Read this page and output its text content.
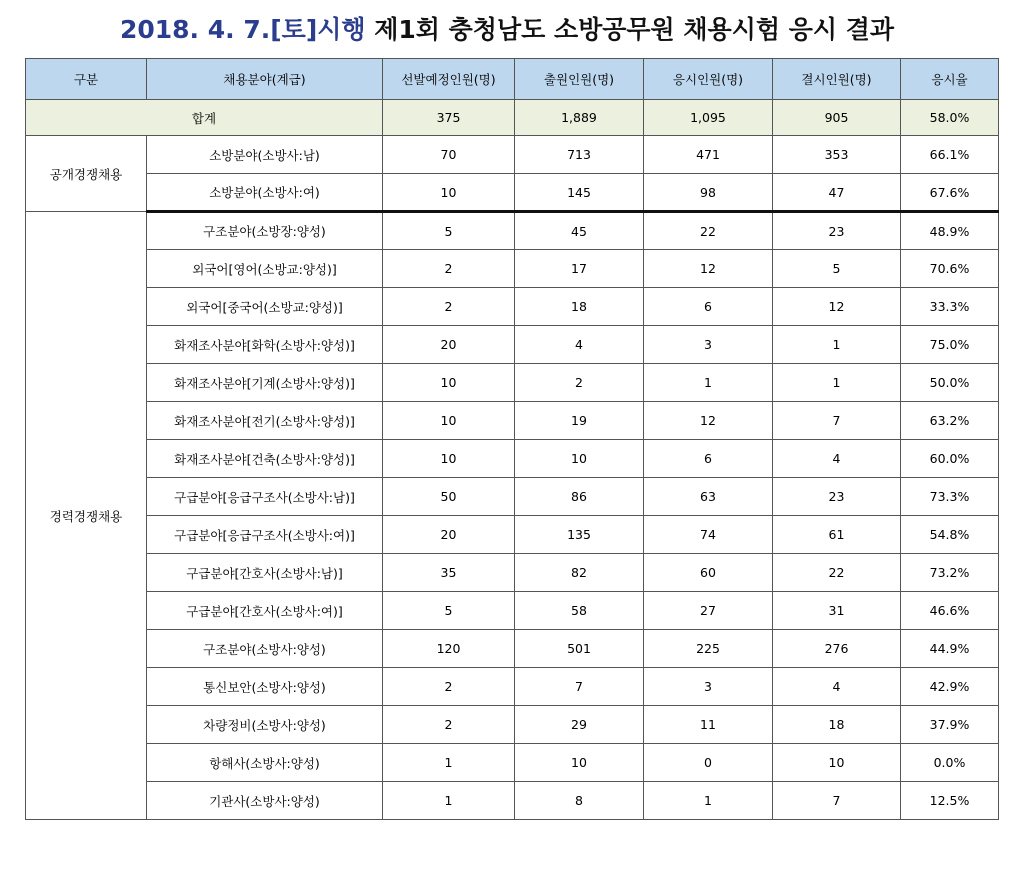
2018. 4. 7.[토]시행 제1회 충청남도 소방공무원 채용시험 응시 결과
구분	채용분야(계급)	선발예정인원(명)	출원인원(명)	응시인원(명)	결시인원(명)	응시율
합계		375	1,889	1,095	905	58.0%
공개경쟁채용	소방분야(소방사:남)	70	713	471	353	66.1%
	소방분야(소방사:여)	10	145	98	47	67.6%
경력경쟁채용	구조분야(소방장:양성)	5	45	22	23	48.9%
	외국어[영어(소방교:양성)]	2	17	12	5	70.6%
	외국어[중국어(소방교:양성)]	2	18	6	12	33.3%
	화재조사분야[화학(소방사:양성)]	20	4	3	1	75.0%
	화재조사분야[기계(소방사:양성)]	10	2	1	1	50.0%
	화재조사분야[전기(소방사:양성)]	10	19	12	7	63.2%
	화재조사분야[건축(소방사:양성)]	10	10	6	4	60.0%
	구급분야[응급구조사(소방사:남)]	50	86	63	23	73.3%
	구급분야[응급구조사(소방사:여)]	20	135	74	61	54.8%
	구급분야[간호사(소방사:남)]	35	82	60	22	73.2%
	구급분야[간호사(소방사:여)]	5	58	27	31	46.6%
	구조분야(소방사:양성)	120	501	225	276	44.9%
	통신보안(소방사:양성)	2	7	3	4	42.9%
	차량정비(소방사:양성)	2	29	11	18	37.9%
	항해사(소방사:양성)	1	10	0	10	0.0%
	기관사(소방사:양성)	1	8	1	7	12.5%
